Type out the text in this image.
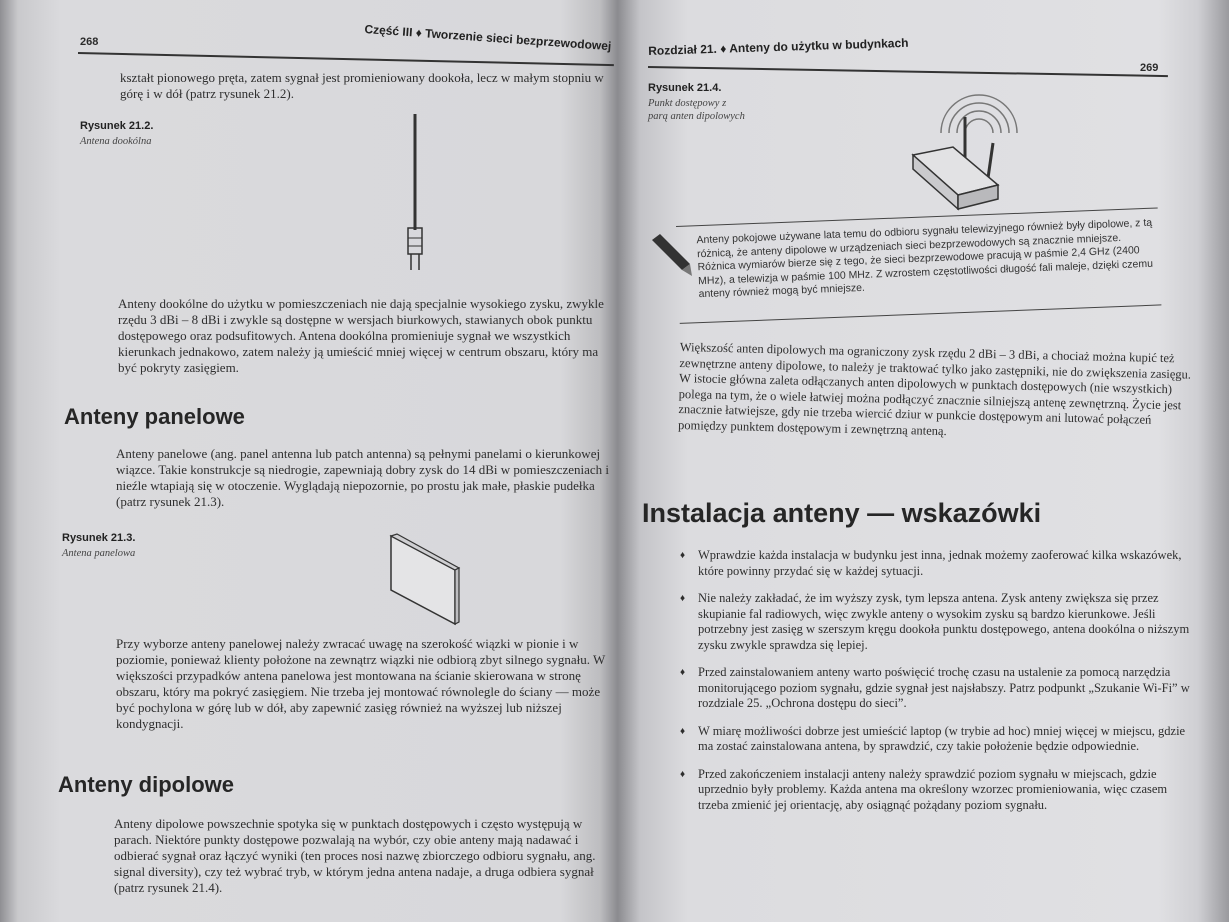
268	Część III ♦ Tworzenie sieci bezprzewodowej
kształt pionowego pręta, zatem sygnał jest promieniowany dookoła, lecz w małym stopniu w górę i w dół (patrz rysunek 21.2).
Rysunek 21.2.
Antena dookólna
Anteny dookólne do użytku w pomieszczeniach nie dają specjalnie wysokiego zysku, zwykle rzędu 3 dBi – 8 dBi i zwykle są dostępne w wersjach biurkowych, stawianych obok punktu dostępowego oraz podsufitowych. Antena dookólna promieniuje sygnał we wszystkich kierunkach jednakowo, zatem należy ją umieścić mniej więcej w centrum obszaru, który ma być pokryty zasięgiem.
Anteny panelowe
Anteny panelowe (ang. panel antenna lub patch antenna) są pełnymi panelami o kierunkowej wiązce. Takie konstrukcje są niedrogie, zapewniają dobry zysk do 14 dBi w pomieszczeniach i nieźle wtapiają się w otoczenie. Wyglądają niepozornie, po prostu jak małe, płaskie pudełka (patrz rysunek 21.3).
Rysunek 21.3.
Antena panelowa
Przy wyborze anteny panelowej należy zwracać uwagę na szerokość wiązki w pionie i w poziomie, ponieważ klienty położone na zewnątrz wiązki nie odbiorą zbyt silnego sygnału. W większości przypadków antena panelowa jest montowana na ścianie skierowana w stronę obszaru, który ma pokryć zasięgiem. Nie trzeba jej montować równolegle do ściany — może być pochylona w górę lub w dół, aby zapewnić zasięg również na wyższej lub niższej kondygnacji.
Anteny dipolowe
Anteny dipolowe powszechnie spotyka się w punktach dostępowych i często występują w parach. Niektóre punkty dostępowe pozwalają na wybór, czy obie anteny mają nadawać i odbierać sygnał oraz łączyć wyniki (ten proces nosi nazwę zbiorczego odbioru sygnału, ang. signal diversity), czy też wybrać tryb, w którym jedna antena nadaje, a druga odbiera sygnał (patrz rysunek 21.4).
Rozdział 21. ♦ Anteny do użytku w budynkach
269
Rysunek 21.4.
Punkt dostępowy z parą anten dipolowych
Anteny pokojowe używane lata temu do odbioru sygnału telewizyjnego również były dipolowe, z tą różnicą, że anteny dipolowe w urządzeniach sieci bezprzewodowych są znacznie mniejsze. Różnica wymiarów bierze się z tego, że sieci bezprzewodowe pracują w paśmie 2,4 GHz (2400 MHz), a telewizja w paśmie 100 MHz. Z wzrostem częstotliwości długość fali maleje, dzięki czemu anteny również mogą być mniejsze.
Większość anten dipolowych ma ograniczony zysk rzędu 2 dBi – 3 dBi, a chociaż można kupić też zewnętrzne anteny dipolowe, to należy je traktować tylko jako zastępniki, nie do zwiększenia zasięgu. W istocie główna zaleta odłączanych anten dipolowych w punktach dostępowych (nie wszystkich) polega na tym, że o wiele łatwiej można podłączyć znacznie silniejszą antenę zewnętrzną. Życie jest znacznie łatwiejsze, gdy nie trzeba wiercić dziur w punkcie dostępowym ani lutować połączeń pomiędzy punktem dostępowym i zewnętrzną anteną.
Instalacja anteny — wskazówki
♦ Wprawdzie każda instalacja w budynku jest inna, jednak możemy zaoferować kilka wskazówek, które powinny przydać się w każdej sytuacji.
♦ Nie należy zakładać, że im wyższy zysk, tym lepsza antena. Zysk anteny zwiększa się przez skupianie fal radiowych, więc zwykle anteny o wysokim zysku są bardzo kierunkowe. Jeśli potrzebny jest zasięg w szerszym kręgu dookoła punktu dostępowego, antena dookólna o niższym zysku zwykle sprawdza się lepiej.
♦ Przed zainstalowaniem anteny warto poświęcić trochę czasu na ustalenie za pomocą narzędzia monitorującego poziom sygnału, gdzie sygnał jest najsłabszy. Patrz podpunkt „Szukanie Wi-Fi” w rozdziale 25. „Ochrona dostępu do sieci”.
♦ W miarę możliwości dobrze jest umieścić laptop (w trybie ad hoc) mniej więcej w miejscu, gdzie ma zostać zainstalowana antena, by sprawdzić, czy takie położenie będzie odpowiednie.
♦ Przed zakończeniem instalacji anteny należy sprawdzić poziom sygnału w miejscach, gdzie uprzednio były problemy. Każda antena ma określony wzorzec promieniowania, więc czasem trzeba zmienić jej orientację, aby osiągnąć pożądany poziom sygnału.
